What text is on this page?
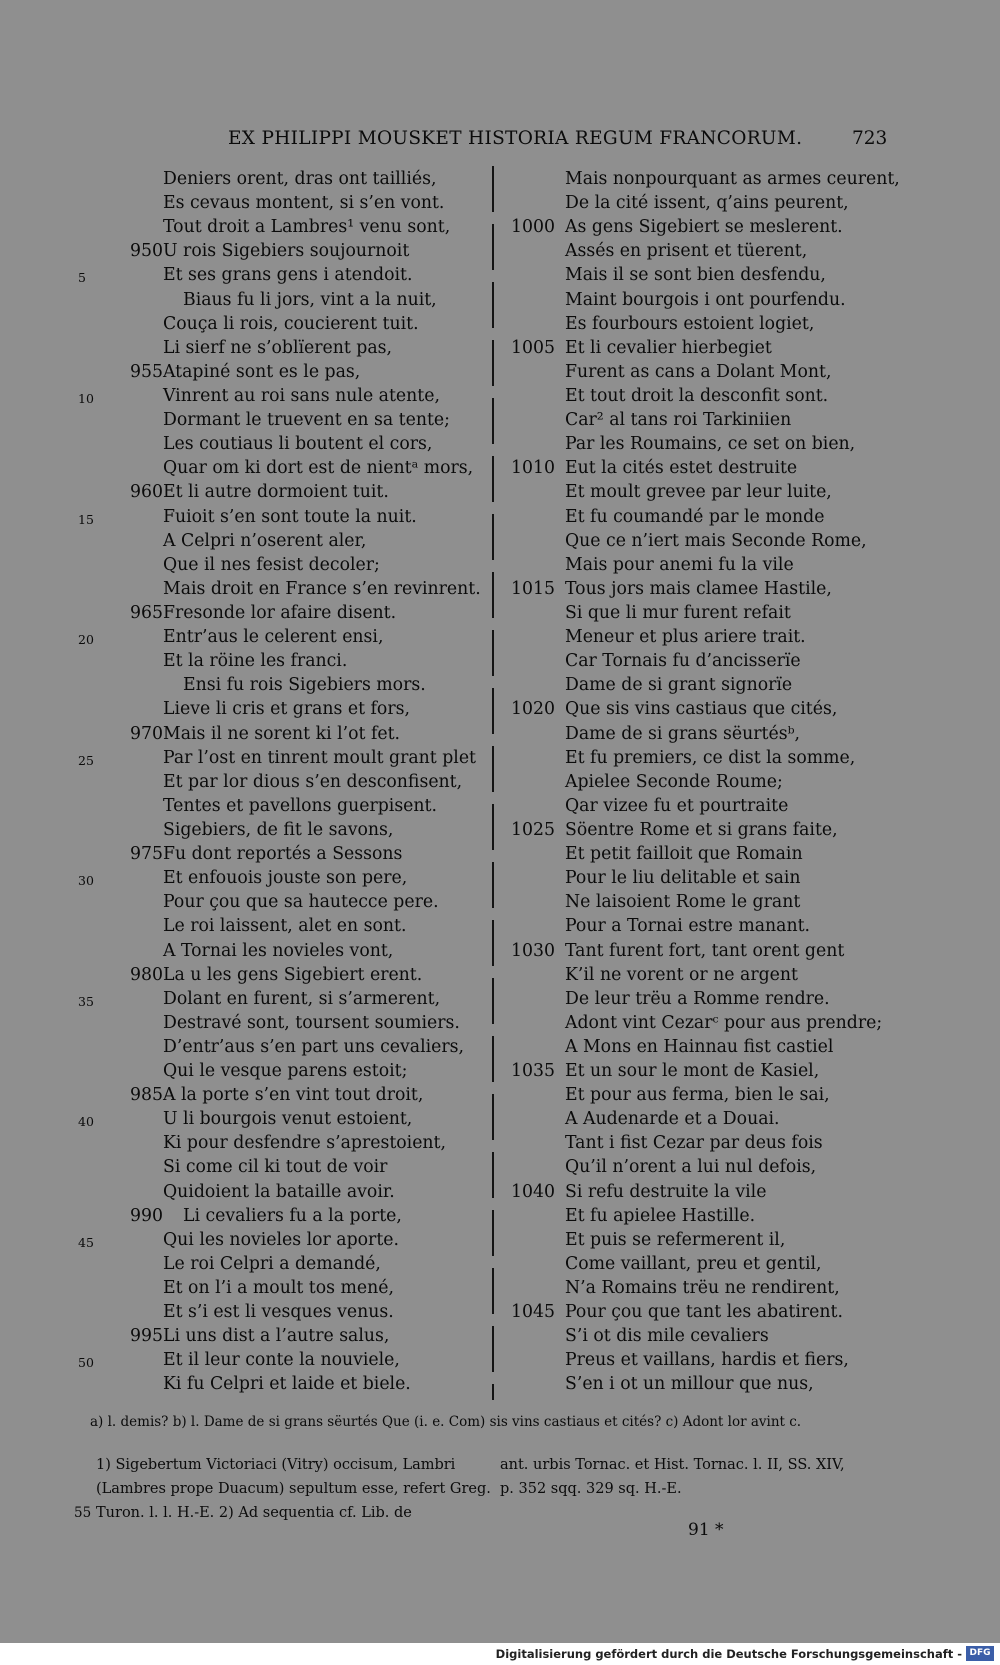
EX PHILIPPI MOUSKET HISTORIA REGUM FRANCORUM.	723
Deniers orent, dras ont tailliés,
Es cevaus montent, si s’en vont.
Tout droit a Lambres¹ venu sont,
950 U rois Sigebiers soujournoit
5	Et ses grans gens i atendoit.
Biaus fu li jors, vint a la nuit,
Couça li rois, coucierent tuit.
Li sierf ne s’oblïerent pas,
955 Atapiné sont es le pas,
10	Vinrent au roi sans nule atente,
Dormant le truevent en sa tente;
Les coutiaus li boutent el cors,
Quar om ki dort est de nientᵃ mors,
960 Et li autre dormoient tuit.
15	Fuioit s’en sont toute la nuit.
A Celpri n’oserent aler,
Que il nes fesist decoler;
Mais droit en France s’en revinrent.
965 Fresonde lor afaire disent.
20	Entr’aus le celerent ensi,
Et la röine les franci.
Ensi fu rois Sigebiers mors.
Lieve li cris et grans et fors,
970 Mais il ne sorent ki l’ot fet.
25	Par l’ost en tinrent moult grant plet
Et par lor dious s’en desconfisent,
Tentes et pavellons guerpisent.
Sigebiers, de fit le savons,
975 Fu dont reportés a Sessons
30	Et enfouois jouste son pere,
Pour çou que sa hautecce pere.
Le roi laissent, alet en sont.
A Tornai les novieles vont,
980 La u les gens Sigebiert erent.
35	Dolant en furent, si s’armerent,
Destravé sont, toursent soumiers.
D’entr’aus s’en part uns cevaliers,
Qui le vesque parens estoit;
985 A la porte s’en vint tout droit,
40	U li bourgois venut estoient,
Ki pour desfendre s’aprestoient,
Si come cil ki tout de voir
Quidoient la bataille avoir.
990 Li cevaliers fu a la porte,
45	Qui les novieles lor aporte.
Le roi Celpri a demandé,
Et on l’i a moult tos mené,
Et s’i est li vesques venus.
995 Li uns dist a l’autre salus,
50	Et il leur conte la nouviele,
Ki fu Celpri et laide et biele.
Mais nonpourquant as armes ceurent,
De la cité issent, q’ains peurent,
1000 As gens Sigebiert se meslerent.
Assés en prisent et tüerent,
Mais il se sont bien desfendu,
Maint bourgois i ont pourfendu.
Es fourbours estoient logiet,
1005 Et li cevalier hierbegiet
Furent as cans a Dolant Mont,
Et tout droit la desconfit sont.
Car² al tans roi Tarkiniien
Par les Roumains, ce set on bien,
1010 Eut la cités estet destruite
Et moult grevee par leur luite,
Et fu coumandé par le monde
Que ce n’iert mais Seconde Rome,
Mais pour anemi fu la vile
1015 Tous jors mais clamee Hastile,
Si que li mur furent refait
Meneur et plus ariere trait.
Car Tornais fu d’ancisserïe
Dame de si grant signorïe
1020 Que sis vins castiaus que cités,
Dame de si grans sëurtésᵇ,
Et fu premiers, ce dist la somme,
Apielee Seconde Roume;
Qar vizee fu et pourtraite
1025 Söentre Rome et si grans faite,
Et petit failloit que Romain
Pour le liu delitable et sain
Ne laisoient Rome le grant
Pour a Tornai estre manant.
1030 Tant furent fort, tant orent gent
K’il ne vorent or ne argent
De leur trëu a Romme rendre.
Adont vint Cezarᶜ pour aus prendre;
A Mons en Hainnau fist castiel
1035 Et un sour le mont de Kasiel,
Et pour aus ferma, bien le sai,
A Audenarde et a Douai.
Tant i fist Cezar par deus fois
Qu’il n’orent a lui nul defois,
1040 Si refu destruite la vile
Et fu apielee Hastille.
Et puis se refermerent il,
Come vaillant, preu et gentil,
N’a Romains trëu ne rendirent,
1045 Pour çou que tant les abatirent.
S’i ot dis mile cevaliers
Preus et vaillans, hardis et fiers,
S’en i ot un millour que nus,
a) l. demis? b) l. Dame de si grans sëurtés Que (i. e. Com) sis vins castiaus et cités? c) Adont lor avint c.
1) Sigebertum Victoriaci (Vitry) occisum, Lambri
(Lambres prope Duacum) sepultum esse, refert Greg.
55 Turon. l. l. H.-E. 2) Ad sequentia cf. Lib. de
ant. urbis Tornac. et Hist. Tornac. l. II, SS. XIV,
p. 352 sqq. 329 sq. H.-E.
91 *
Digitalisierung gefördert durch die Deutsche Forschungsgemeinschaft - DFG
